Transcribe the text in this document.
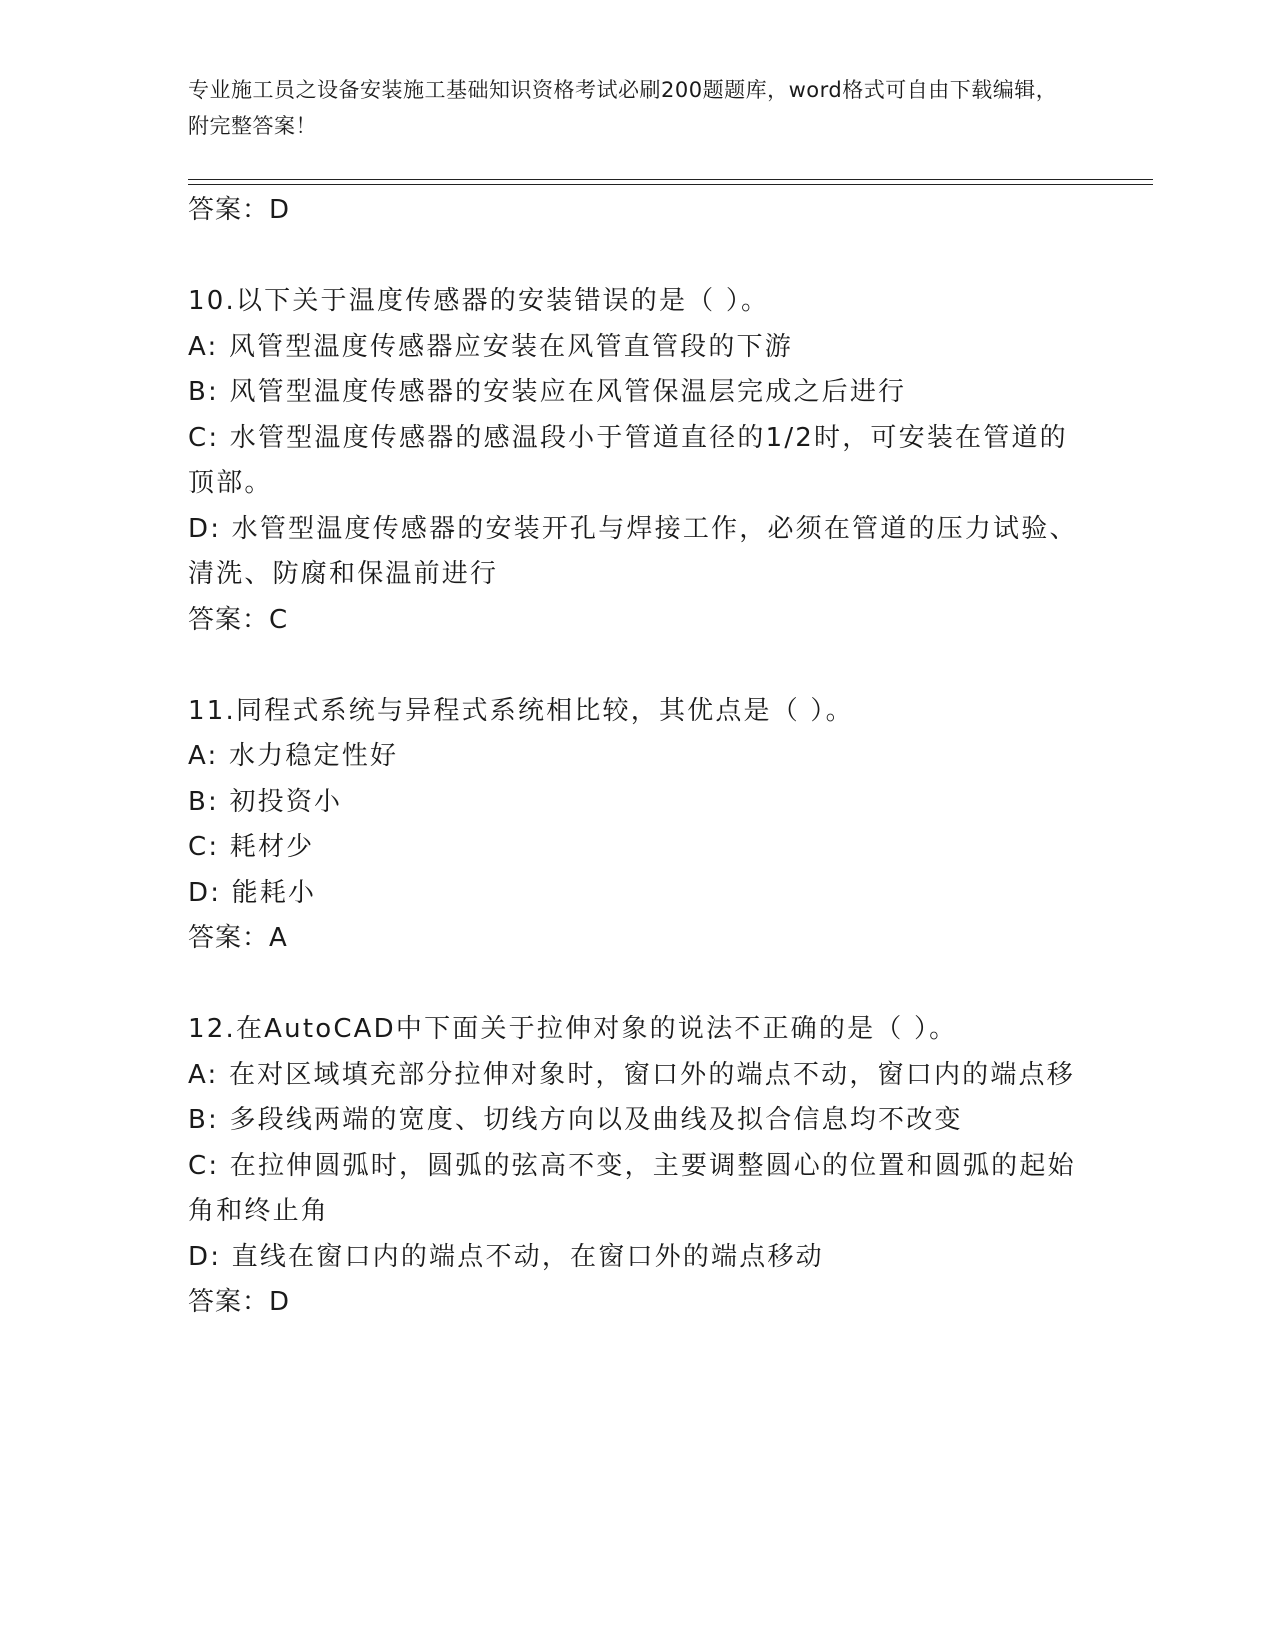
专业施工员之设备安装施工基础知识资格考试必刷200题题库，word格式可自由下载编辑，附完整答案！
答案：D
10.以下关于温度传感器的安装错误的是（ ）。
A: 风管型温度传感器应安装在风管直管段的下游
B: 风管型温度传感器的安装应在风管保温层完成之后进行
C: 水管型温度传感器的感温段小于管道直径的1/2时，可安装在管道的顶部。
D: 水管型温度传感器的安装开孔与焊接工作，必须在管道的压力试验、清洗、防腐和保温前进行
答案：C
11.同程式系统与异程式系统相比较，其优点是（ ）。
A: 水力稳定性好
B: 初投资小
C: 耗材少
D: 能耗小
答案：A
12.在AutoCAD中下面关于拉伸对象的说法不正确的是（ ）。
A: 在对区域填充部分拉伸对象时，窗口外的端点不动，窗口内的端点移
B: 多段线两端的宽度、切线方向以及曲线及拟合信息均不改变
C: 在拉伸圆弧时，圆弧的弦高不变，主要调整圆心的位置和圆弧的起始角和终止角
D: 直线在窗口内的端点不动，在窗口外的端点移动
答案：D
